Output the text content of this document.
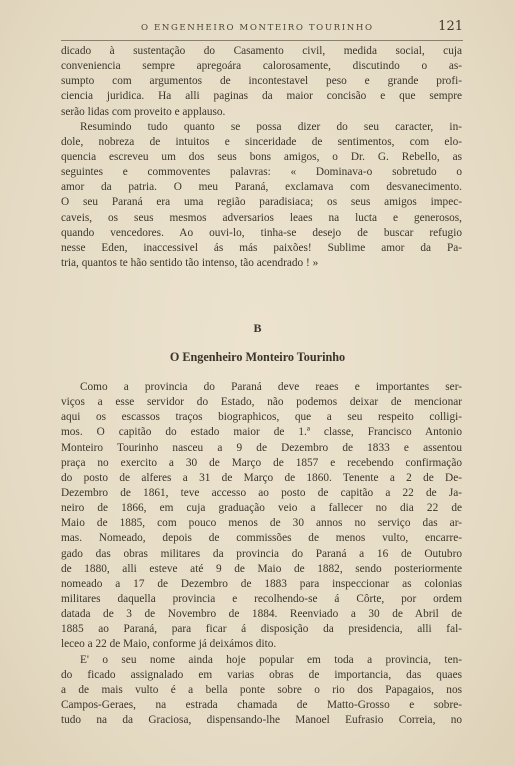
O ENGENHEIRO MONTEIRO TOURINHO	121
dicado à sustentação do Casamento civil, medida social, cuja
conveniencia sempre apregoára calorosamente, discutindo o as-
sumpto com argumentos de incontestavel peso e grande profi-
ciencia juridica. Ha alli paginas da maior concisão e que sempre
serão lidas com proveito e applauso.
Resumindo tudo quanto se possa dizer do seu caracter, in-
dole, nobreza de intuitos e sinceridade de sentimentos, com elo-
quencia escreveu um dos seus bons amigos, o Dr. G. Rebello, as
seguintes e commoventes palavras: « Dominava-o sobretudo o
amor da patria. O meu Paraná, exclamava com desvanecimento.
O seu Paraná era uma região paradisiaca; os seus amigos impec-
caveis, os seus mesmos adversarios leaes na lucta e generosos,
quando vencedores. Ao ouvi-lo, tinha-se desejo de buscar refugio
nesse Eden, inaccessivel ás más paixões! Sublime amor da Pa-
tria, quantos te hão sentido tão intenso, tão acendrado ! »
B
O Engenheiro Monteiro Tourinho
Como a provincia do Paraná deve reaes e importantes ser-
viços a esse servidor do Estado, não podemos deixar de mencionar
aqui os escassos traços biographicos, que a seu respeito colligi-
mos. O capitão do estado maior de 1.ª classe, Francisco Antonio
Monteiro Tourinho nasceu a 9 de Dezembro de 1833 e assentou
praça no exercito a 30 de Março de 1857 e recebendo confirmação
do posto de alferes a 31 de Março de 1860. Tenente a 2 de De-
Dezembro de 1861, teve accesso ao posto de capitão a 22 de Ja-
neiro de 1866, em cuja graduação veio a fallecer no dia 22 de
Maio de 1885, com pouco menos de 30 annos no serviço das ar-
mas. Nomeado, depois de commissões de menos vulto, encarre-
gado das obras militares da provincia do Paraná a 16 de Outubro
de 1880, alli esteve até 9 de Maio de 1882, sendo posteriormente
nomeado a 17 de Dezembro de 1883 para inspeccionar as colonias
militares daquella provincia e recolhendo-se á Côrte, por ordem
datada de 3 de Novembro de 1884. Reenviado a 30 de Abril de
1885 ao Paraná, para ficar á disposição da presidencia, alli fal-
leceo a 22 de Maio, conforme já deixámos dito.
E' o seu nome ainda hoje popular em toda a provincia, ten-
do ficado assignalado em varias obras de importancia, das quaes
a de mais vulto é a bella ponte sobre o rio dos Papagaios, nos
Campos-Geraes, na estrada chamada de Matto-Grosso e sobre-
tudo na da Graciosa, dispensando-lhe Manoel Eufrasio Correia, no
